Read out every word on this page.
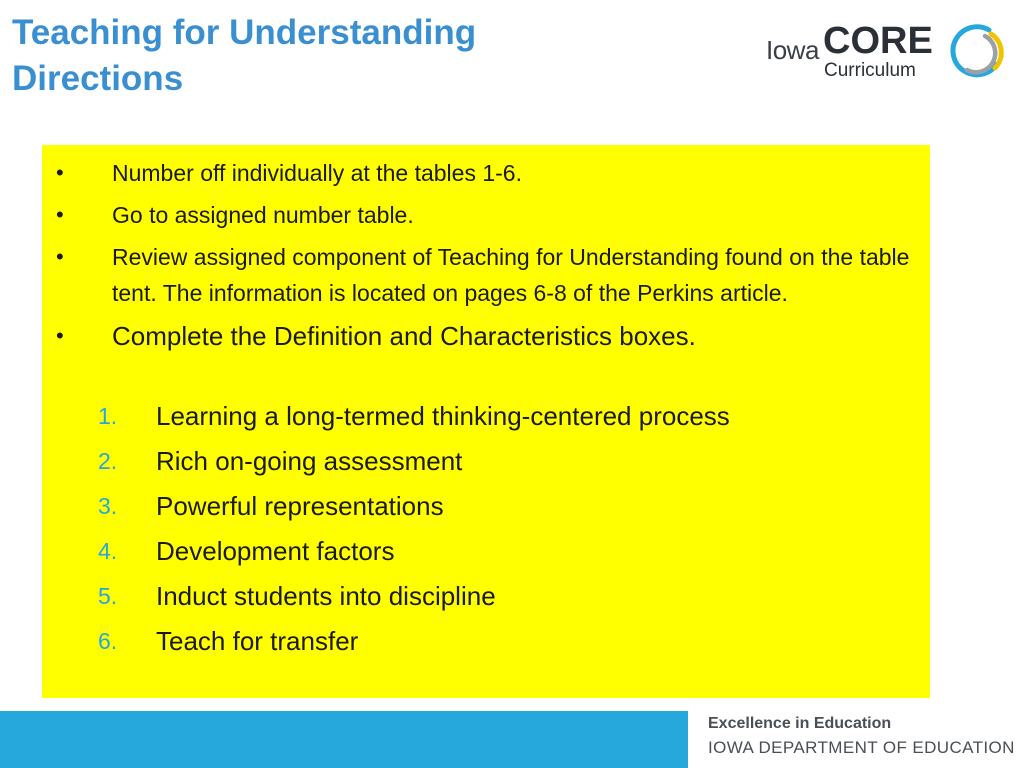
Teaching for Understanding
Directions
Iowa CORE
Curriculum
• Number off individually at the tables 1-6.
• Go to assigned number table.
• Review assigned component of Teaching for Understanding found on the table tent. The information is located on pages 6-8 of the Perkins article.
• Complete the Definition and Characteristics boxes.
1. Learning a long-termed thinking-centered process
2. Rich on-going assessment
3. Powerful representations
4. Development factors
5. Induct students into discipline
6. Teach for transfer
Excellence in Education
IOWA DEPARTMENT OF EDUCATION
